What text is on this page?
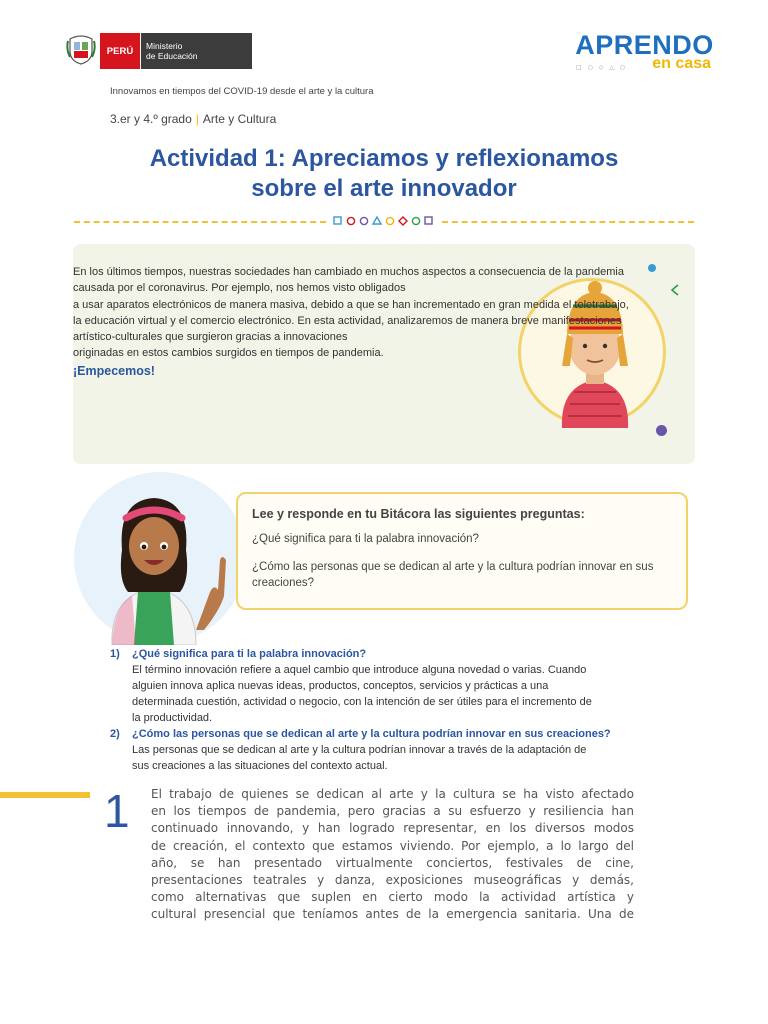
PERÚ	Ministerio
de Educación	APRENDO
□ ○ ◇ △ ○	en casa
Innovamos en tiempos del COVID-19 desde el arte y la cultura
3.er y 4.º grado | Arte y Cultura
Actividad 1: Apreciamos y reflexionamos
sobre el arte innovador
En los últimos tiempos, nuestras sociedades han cambiado en muchos aspectos a consecuencia de la pandemia
causada por el coronavirus. Por ejemplo, nos hemos visto obligados
a usar aparatos electrónicos de manera masiva, debido a que se han incrementado en gran medida el teletrabajo,
la educación virtual y el comercio electrónico. En esta actividad, analizaremos de manera breve manifestaciones
artístico-culturales que surgieron gracias a innovaciones
originadas en estos cambios surgidos en tiempos de pandemia.
¡Empecemos!
Lee y responde en tu Bitácora las siguientes preguntas:
¿Qué significa para ti la palabra innovación?
¿Cómo las personas que se dedican al arte y la cultura podrían innovar en sus creaciones?
1) ¿Qué significa para ti la palabra innovación?
El término innovación refiere a aquel cambio que introduce alguna novedad o varias. Cuando
alguien innova aplica nuevas ideas, productos, conceptos, servicios y prácticas a una
determinada cuestión, actividad o negocio, con la intención de ser útiles para el incremento de
la productividad.
2) ¿Cómo las personas que se dedican al arte y la cultura podrían innovar en sus creaciones?
Las personas que se dedican al arte y la cultura podrían innovar a través de la adaptación de
sus creaciones a las situaciones del contexto actual.
1 El trabajo de quienes se dedican al arte y la cultura se ha visto afectado
en los tiempos de pandemia, pero gracias a su esfuerzo y resiliencia han
continuado innovando, y han logrado representar, en los diversos modos
de creación, el contexto que estamos viviendo. Por ejemplo, a lo largo del
año, se han presentado virtualmente conciertos, festivales de cine,
presentaciones teatrales y danza, exposiciones museográficas y demás,
como alternativas que suplen en cierto modo la actividad artística y
cultural presencial que teníamos antes de la emergencia sanitaria. Una de
